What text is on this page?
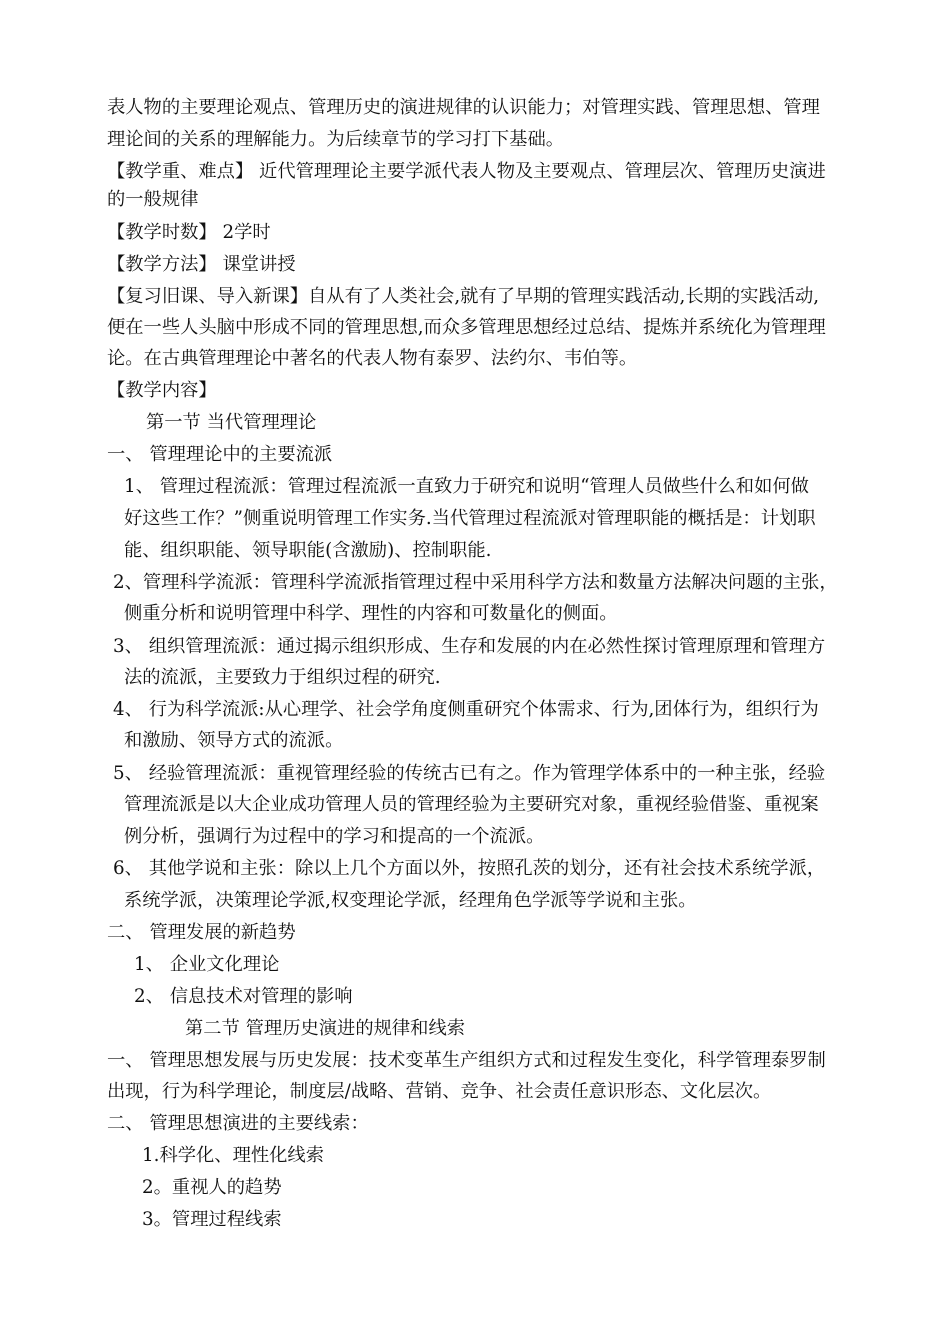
表人物的主要理论观点、管理历史的演进规律的认识能力；对管理实践、管理思想、管理
理论间的关系的理解能力。为后续章节的学习打下基础。
【教学重、难点】 近代管理理论主要学派代表人物及主要观点、管理层次、管理历史演进
的一般规律
【教学时数】 2学时
【教学方法】 课堂讲授
【复习旧课、导入新课】自从有了人类社会,就有了早期的管理实践活动,长期的实践活动,
便在一些人头脑中形成不同的管理思想,而众多管理思想经过总结、提炼并系统化为管理理
论。在古典管理理论中著名的代表人物有泰罗、法约尔、韦伯等。
【教学内容】
第一节 当代管理理论
一、 管理理论中的主要流派
1、 管理过程流派：管理过程流派一直致力于研究和说明“管理人员做些什么和如何做
好这些工作？”侧重说明管理工作实务.当代管理过程流派对管理职能的概括是：计划职
能、组织职能、领导职能(含激励)、控制职能.
2、管理科学流派：管理科学流派指管理过程中采用科学方法和数量方法解决问题的主张，
侧重分析和说明管理中科学、理性的内容和可数量化的侧面。
3、 组织管理流派：通过揭示组织形成、生存和发展的内在必然性探讨管理原理和管理方
法的流派，主要致力于组织过程的研究.
4、 行为科学流派:从心理学、社会学角度侧重研究个体需求、行为,团体行为，组织行为
和激励、领导方式的流派。
5、 经验管理流派：重视管理经验的传统古已有之。作为管理学体系中的一种主张，经验
管理流派是以大企业成功管理人员的管理经验为主要研究对象，重视经验借鉴、重视案
例分析，强调行为过程中的学习和提高的一个流派。
6、 其他学说和主张：除以上几个方面以外，按照孔茨的划分，还有社会技术系统学派，
系统学派，决策理论学派,权变理论学派，经理角色学派等学说和主张。
二、 管理发展的新趋势
1、 企业文化理论
2、 信息技术对管理的影响
第二节 管理历史演进的规律和线索
一、 管理思想发展与历史发展：技术变革生产组织方式和过程发生变化，科学管理泰罗制
出现，行为科学理论，制度层/战略、营销、竞争、社会责任意识形态、文化层次。
二、 管理思想演进的主要线索：
1.科学化、理性化线索
2。重视人的趋势
3。管理过程线索
